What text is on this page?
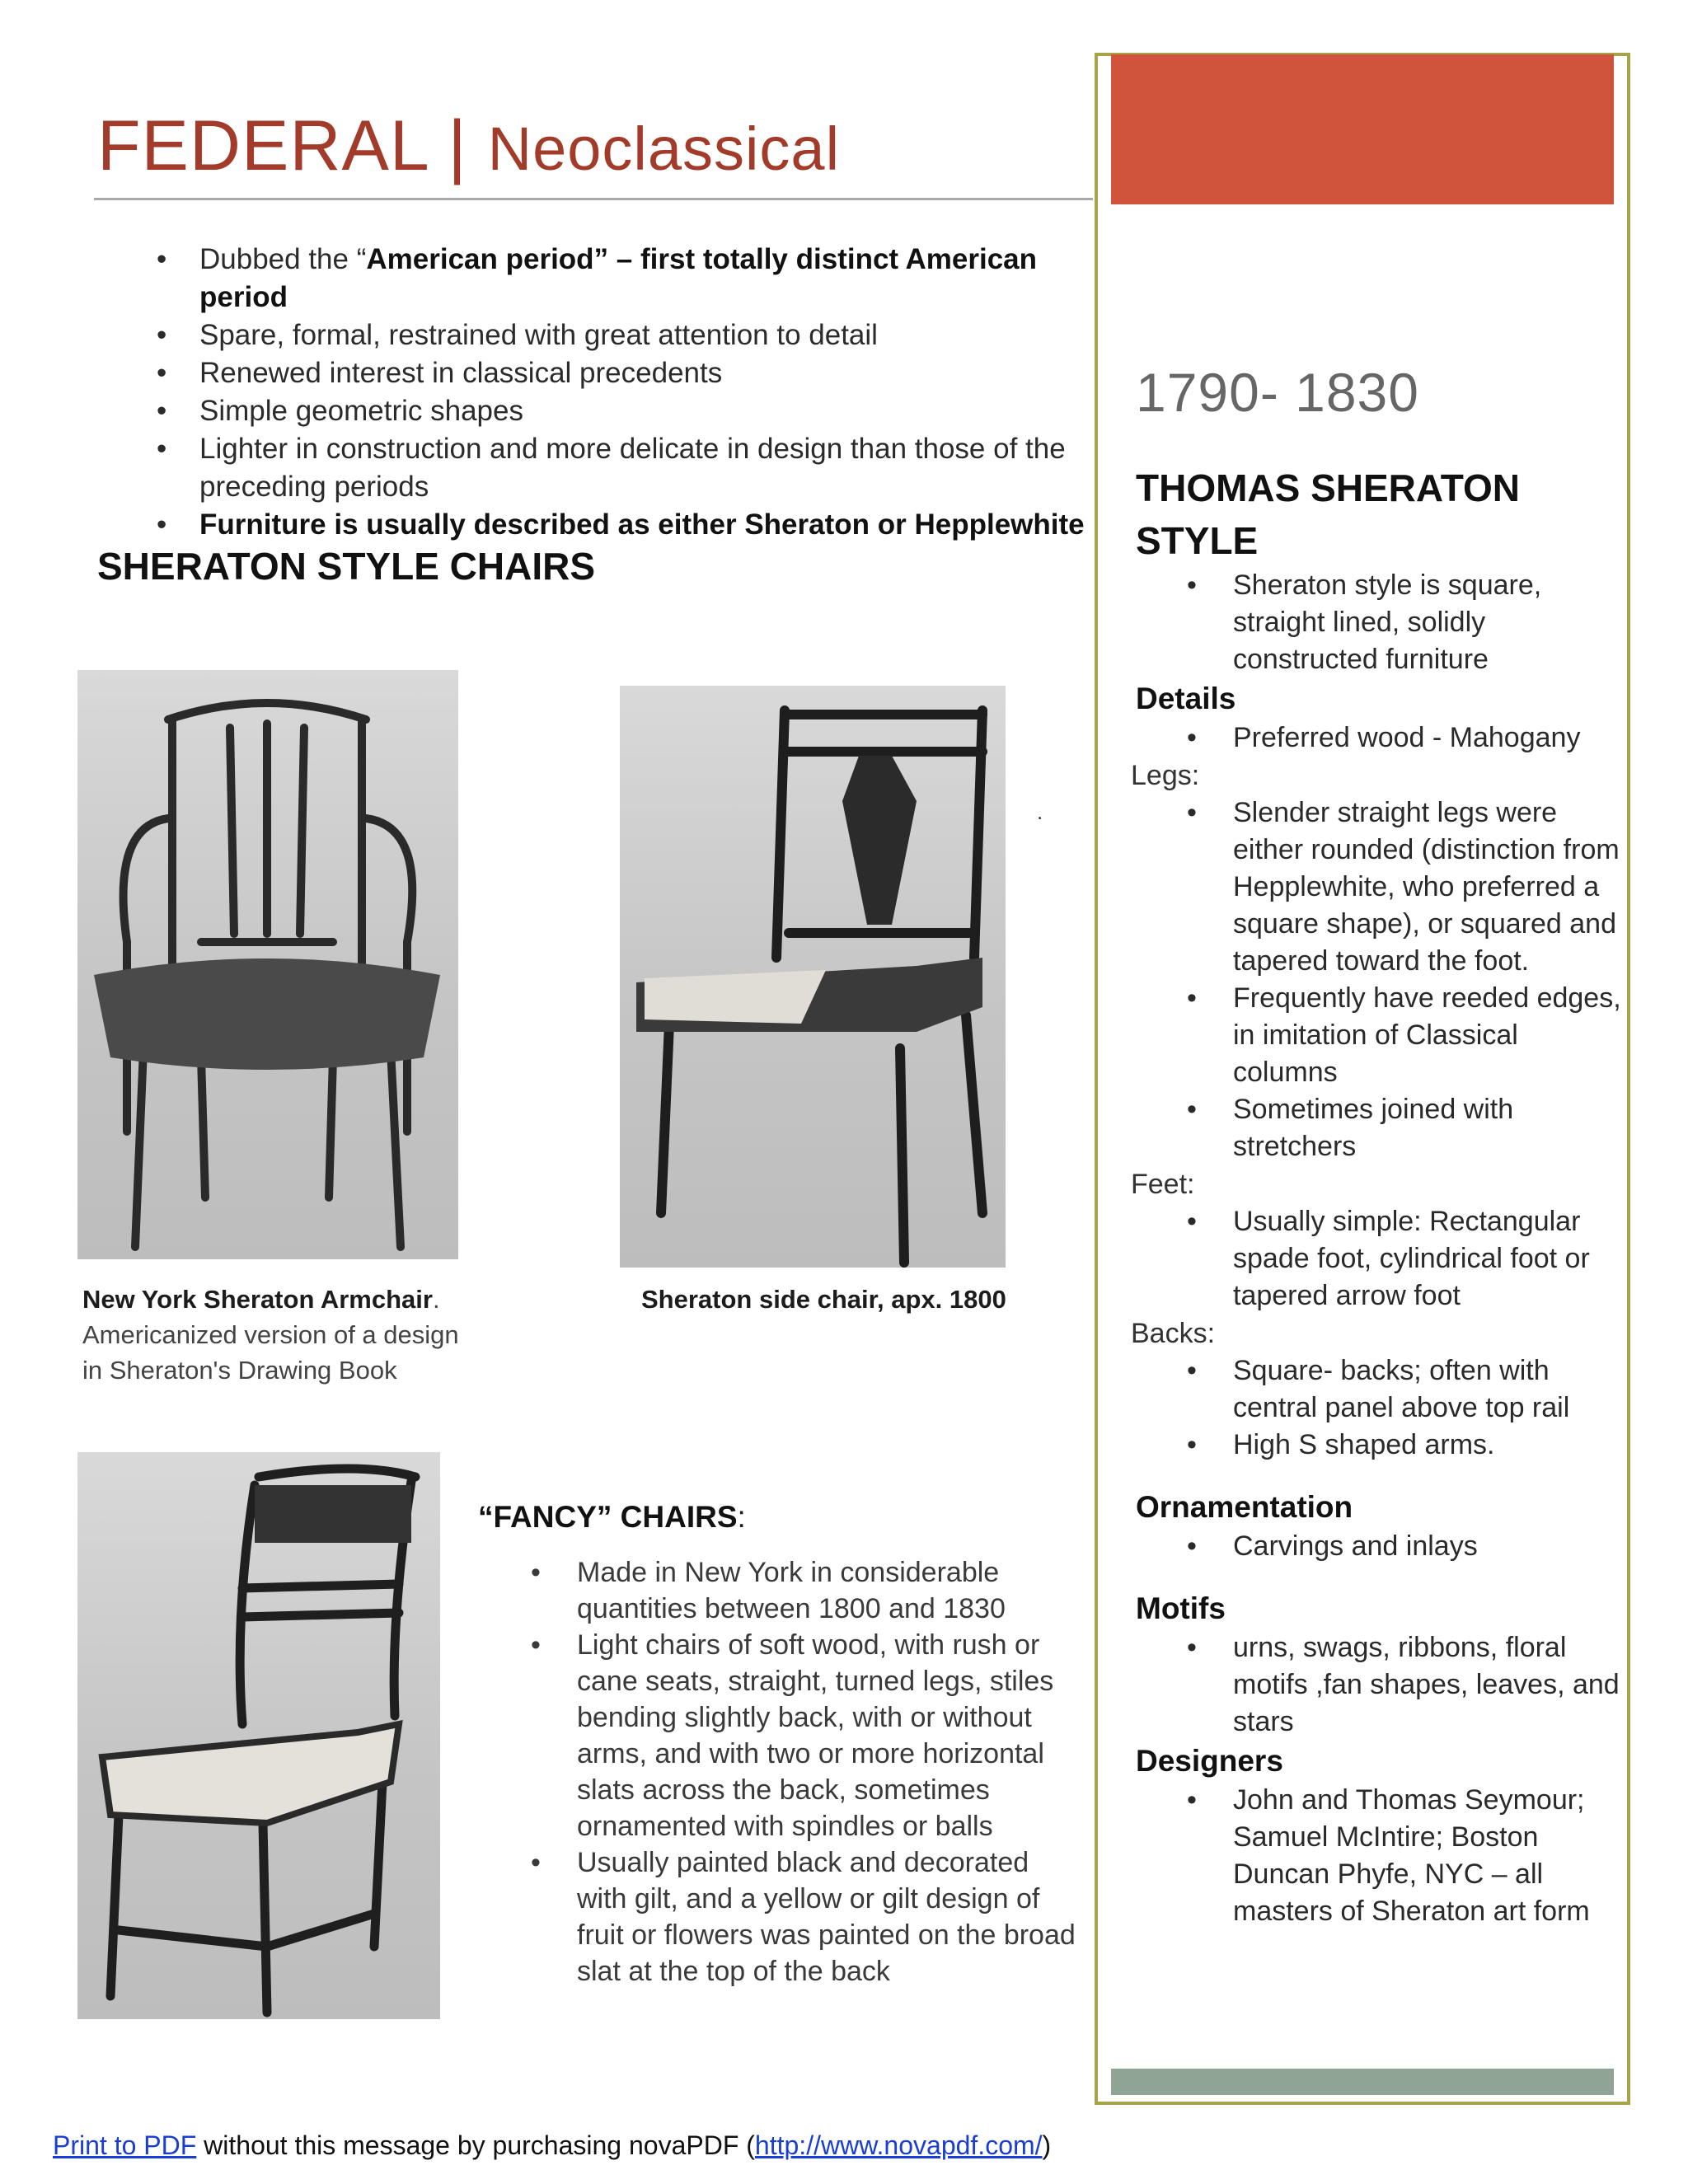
FEDERAL | Neoclassical
• Dubbed the “American period” – first totally distinct American period
• Spare, formal, restrained with great attention to detail
• Renewed interest in classical precedents
• Simple geometric shapes
• Lighter in construction and more delicate in design than those of the preceding periods
• Furniture is usually described as either Sheraton or Hepplewhite
SHERATON STYLE CHAIRS
.
New York Sheraton Armchair.
Americanized version of a design in Sheraton's Drawing Book
Sheraton side chair, apx. 1800
“FANCY” CHAIRS:
• Made in New York in considerable quantities between 1800 and 1830
• Light chairs of soft wood, with rush or cane seats, straight, turned legs, stiles bending slightly back, with or without arms, and with two or more horizontal slats across the back, sometimes ornamented with spindles or balls
• Usually painted black and decorated with gilt, and a yellow or gilt design of fruit or flowers was painted on the broad slat at the top of the back
1790- 1830
THOMAS SHERATON STYLE
• Sheraton style is square, straight lined, solidly constructed furniture
Details
• Preferred wood - Mahogany
Legs:
• Slender straight legs were either rounded (distinction from Hepplewhite, who preferred a square shape), or squared and tapered toward the foot.
• Frequently have reeded edges, in imitation of Classical columns
• Sometimes joined with stretchers
Feet:
• Usually simple: Rectangular spade foot, cylindrical foot or tapered arrow foot
Backs:
• Square- backs; often with central panel above top rail
• High S shaped arms.
Ornamentation
• Carvings and inlays
Motifs
• urns, swags, ribbons, floral motifs ,fan shapes, leaves, and stars
Designers
• John and Thomas Seymour; Samuel McIntire; Boston Duncan Phyfe, NYC – all masters of Sheraton art form
Print to PDF without this message by purchasing novaPDF (http://www.novapdf.com/)
